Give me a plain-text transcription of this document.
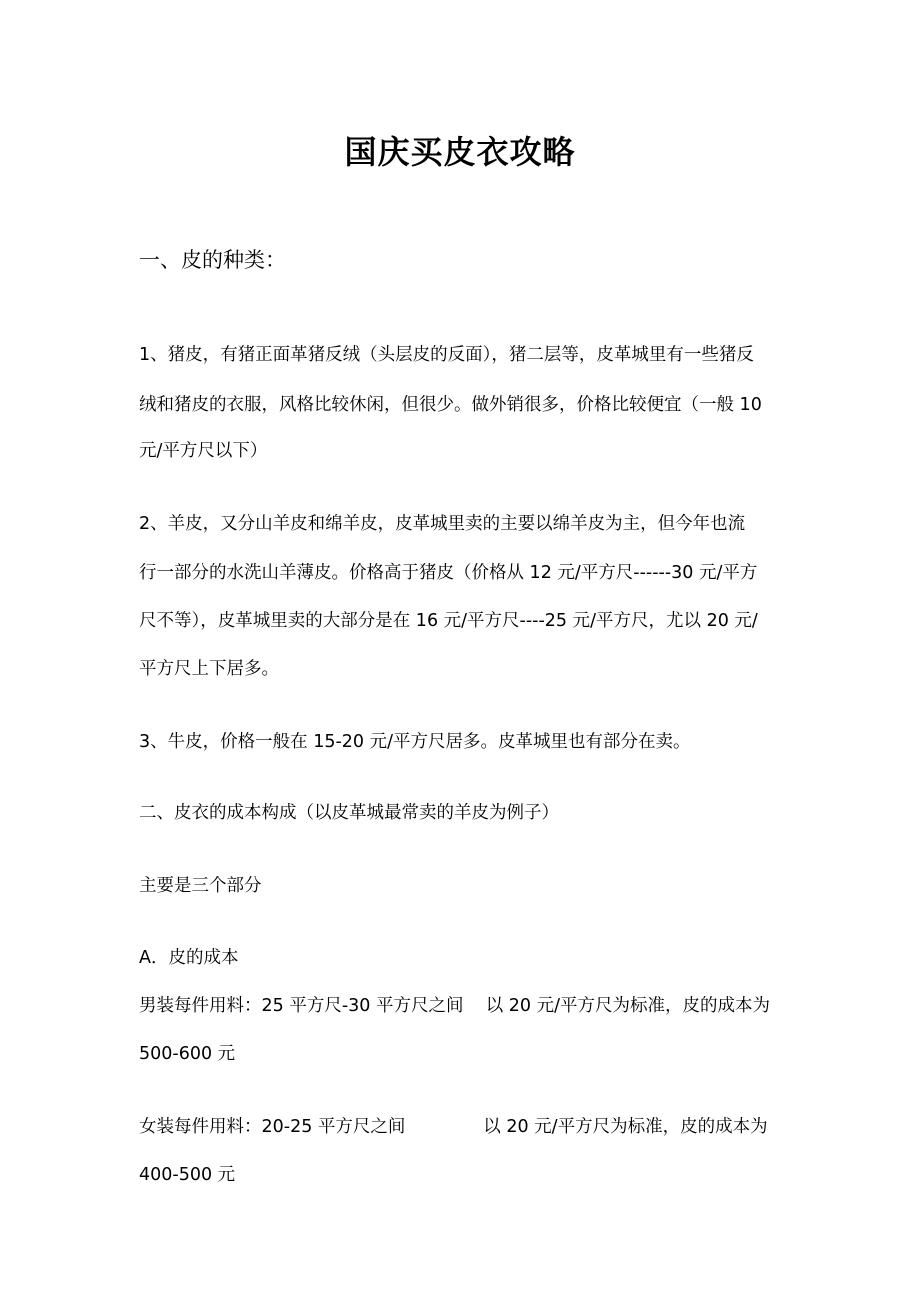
国庆买皮衣攻略
一、皮的种类：
1、猪皮，有猪正面革猪反绒（头层皮的反面），猪二层等，皮革城里有一些猪反
绒和猪皮的衣服，风格比较休闲，但很少。做外销很多，价格比较便宜（一般 10
元/平方尺以下）
2、羊皮，又分山羊皮和绵羊皮，皮革城里卖的主要以绵羊皮为主，但今年也流
行一部分的水洗山羊薄皮。价格高于猪皮（价格从 12 元/平方尺------30 元/平方
尺不等），皮革城里卖的大部分是在 16 元/平方尺----25 元/平方尺，尤以 20 元/
平方尺上下居多。
3、牛皮，价格一般在 15-20 元/平方尺居多。皮革城里也有部分在卖。
二、皮衣的成本构成（以皮革城最常卖的羊皮为例子）
主要是三个部分
A．皮的成本
男装每件用料：25 平方尺-30 平方尺之间    以 20 元/平方尺为标准，皮的成本为
500-600 元
女装每件用料：20-25 平方尺之间              以 20 元/平方尺为标准，皮的成本为
400-500 元
